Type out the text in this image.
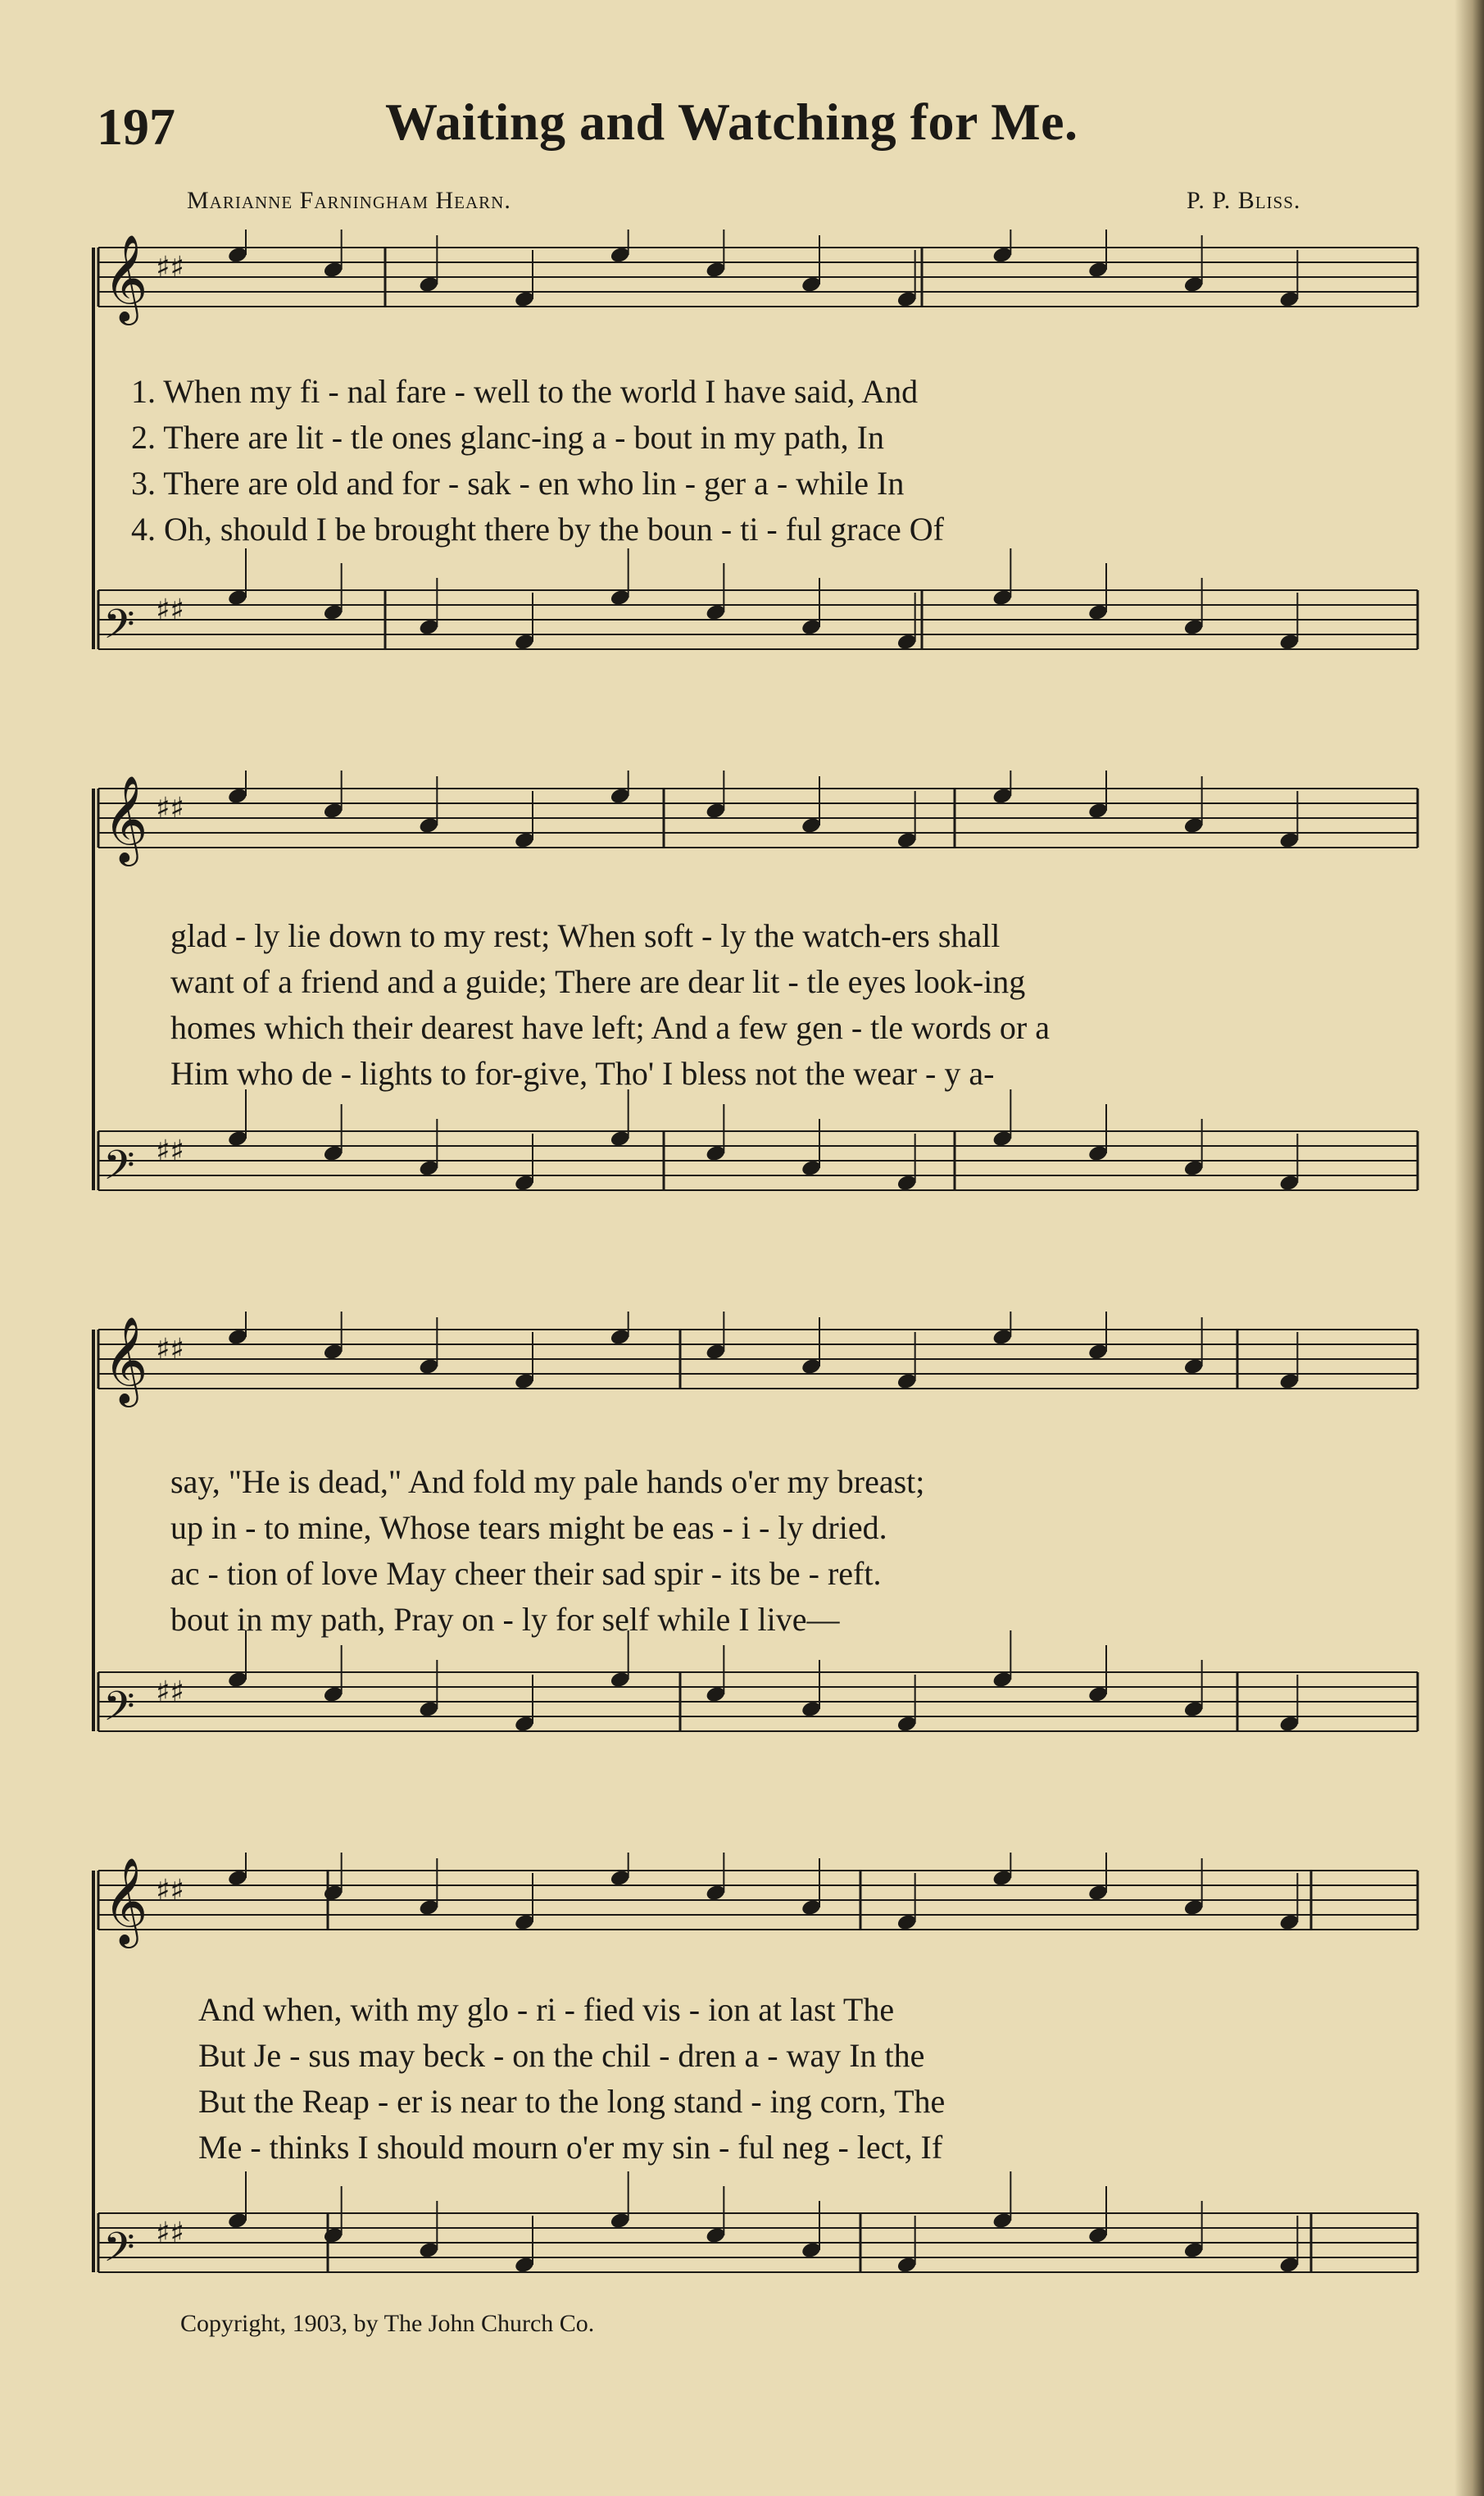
197	Waiting and Watching for Me.
Marianne Farningham Hearn.	P. P. Bliss.
𝄞 ♯♯
𝄢 ♯♯
1. When my fi - nal fare - well to the world I have said, And
2. There are lit - tle ones glanc-ing a - bout in my path, In
3. There are old and for - sak - en who lin - ger a - while In
4. Oh, should I be brought there by the boun - ti - ful grace Of
𝄞 ♯♯
𝄢 ♯♯
glad - ly lie down to my rest; When soft - ly the watch-ers shall
want of a friend and a guide; There are dear lit - tle eyes look-ing
homes which their dearest have left; And a few gen - tle words or a
Him who de - lights to for-give, Tho' I bless not the wear - y a-
𝄞 ♯♯
𝄢 ♯♯
say, "He is dead," And fold my pale hands o'er my breast;
up in - to mine, Whose tears might be eas - i - ly dried.
ac - tion of love May cheer their sad spir - its be - reft.
bout in my path, Pray on - ly for self while I live—
𝄞 ♯♯
𝄢 ♯♯
And when, with my glo - ri - fied vis - ion at last The
But Je - sus may beck - on the chil - dren a - way In the
But the Reap - er is near to the long stand - ing corn, The
Me - thinks I should mourn o'er my sin - ful neg - lect, If
Copyright, 1903, by The John Church Co.
